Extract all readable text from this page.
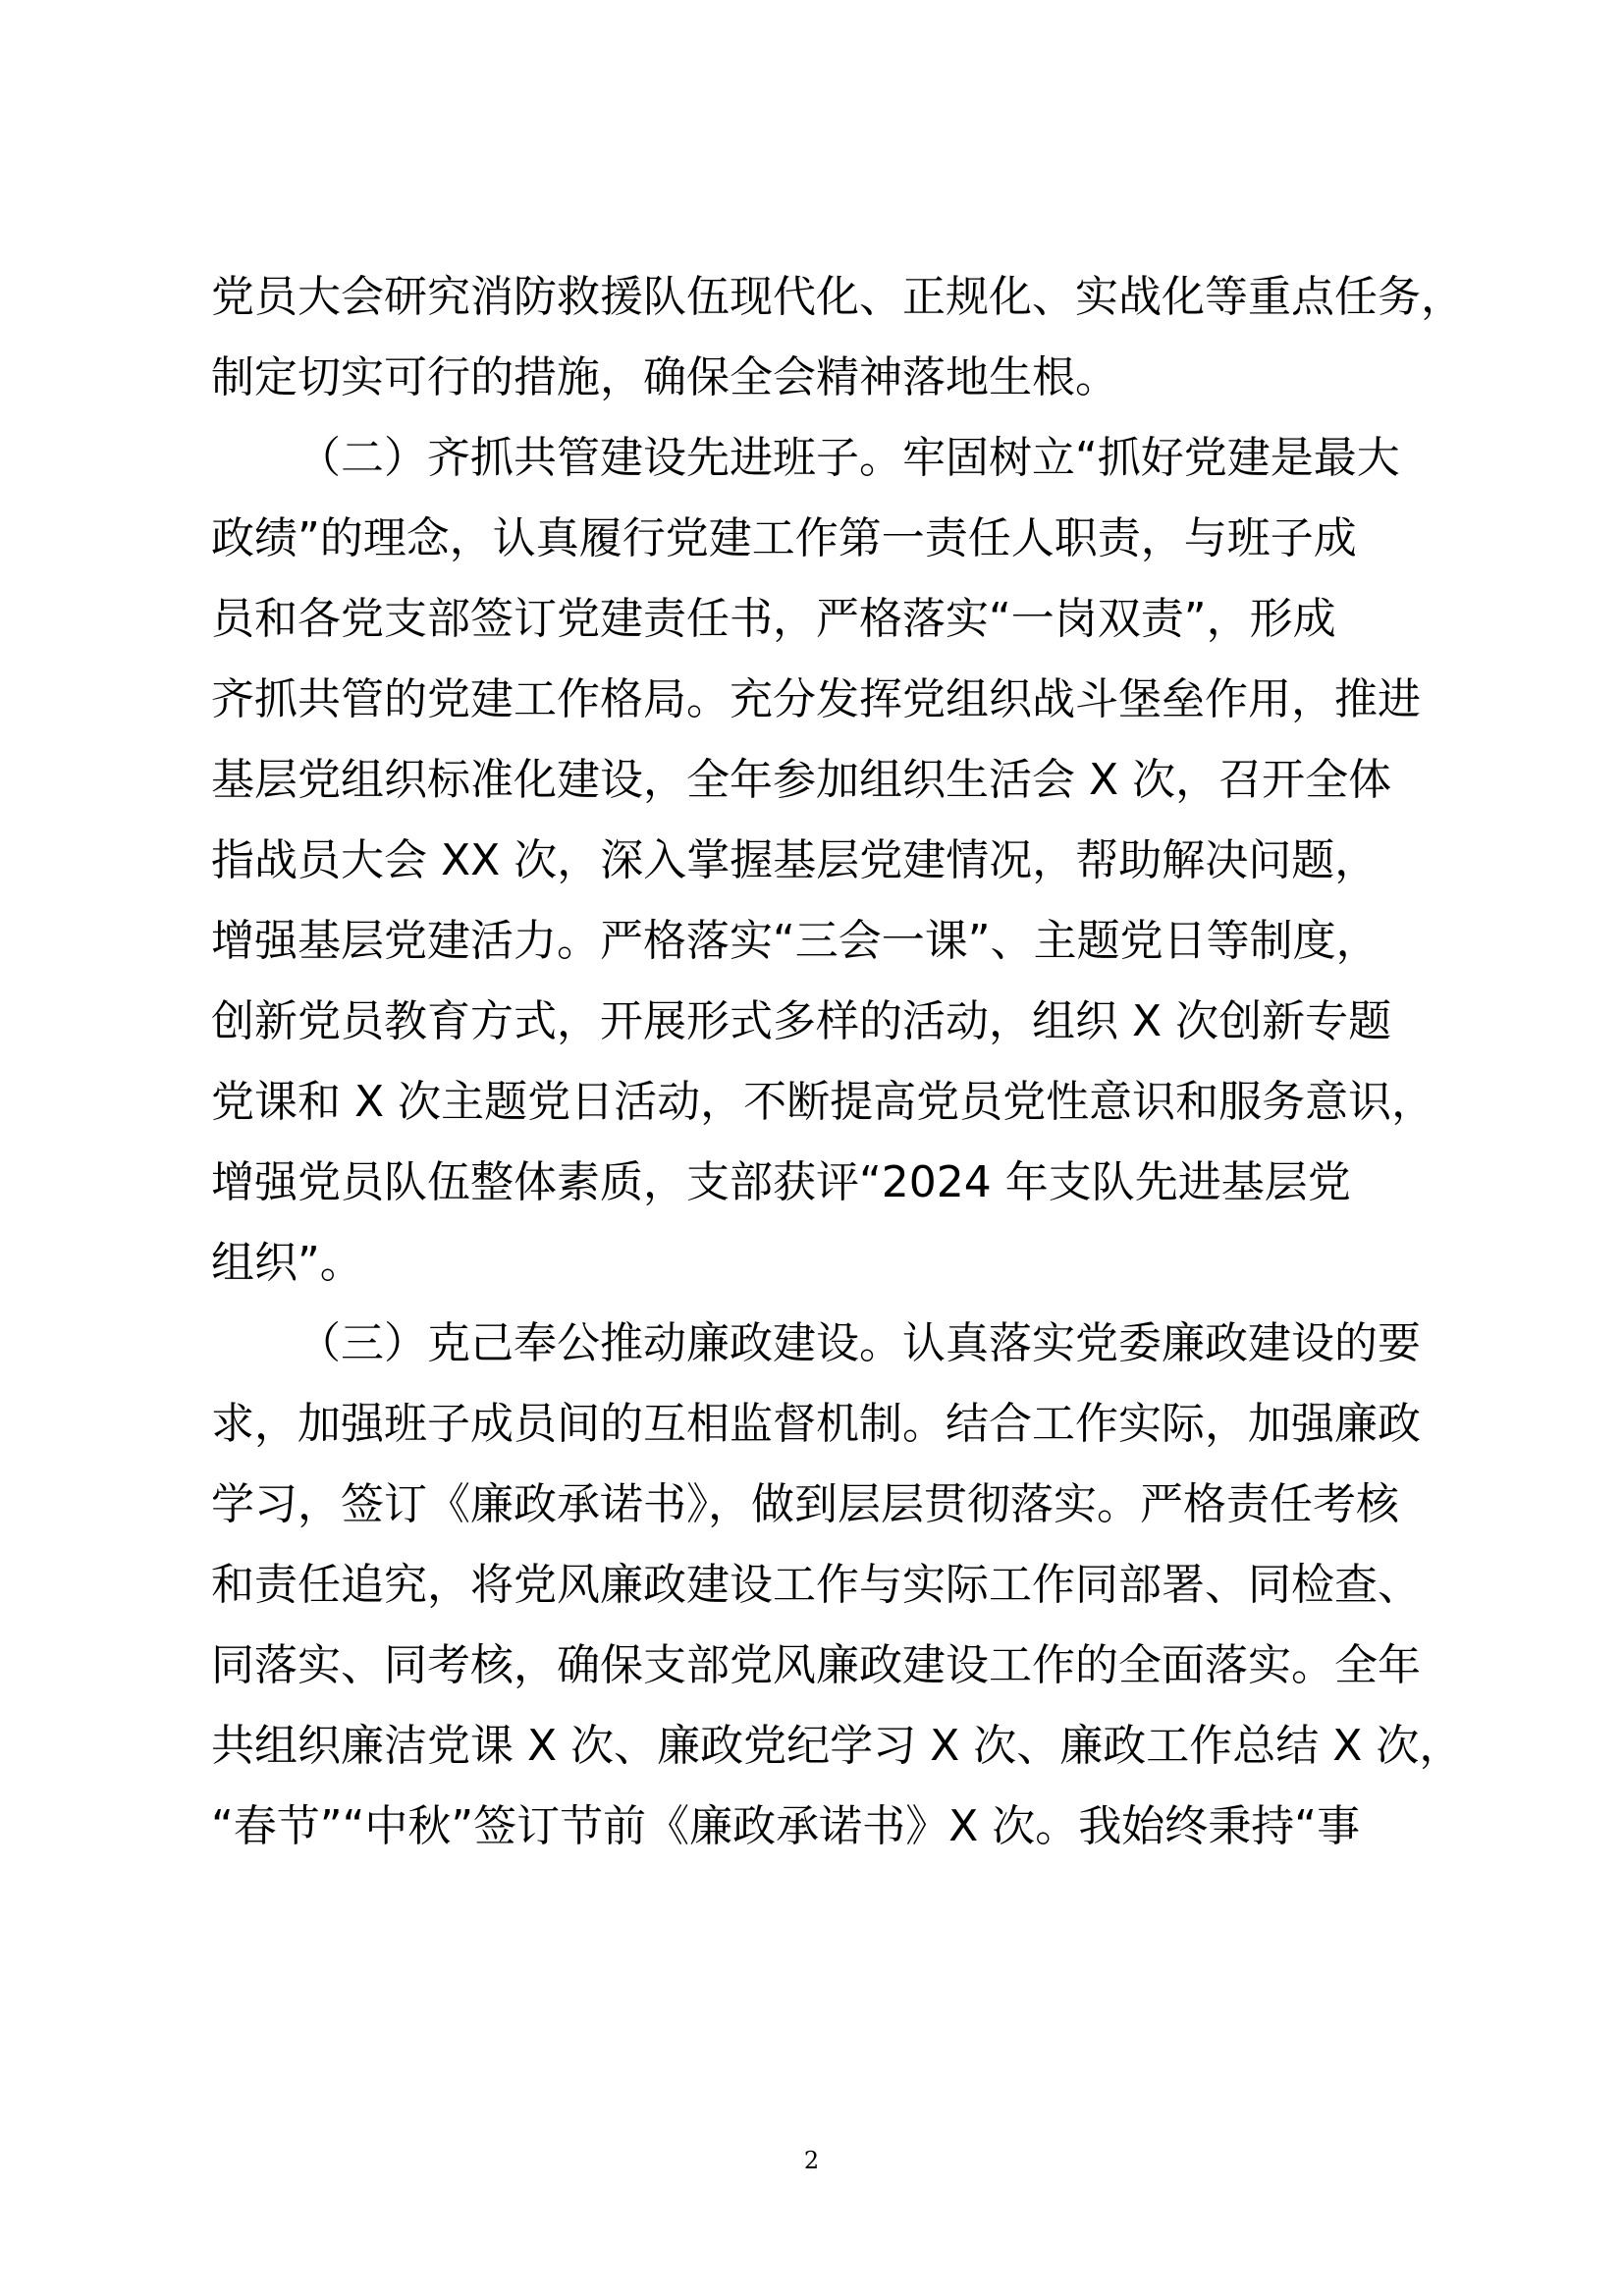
党员大会研究消防救援队伍现代化、正规化、实战化等重点任务，
制定切实可行的措施，确保全会精神落地生根。
（二）齐抓共管建设先进班子。牢固树立“抓好党建是最大
政绩”的理念，认真履行党建工作第一责任人职责，与班子成
员和各党支部签订党建责任书，严格落实“一岗双责”，形成
齐抓共管的党建工作格局。充分发挥党组织战斗堡垒作用，推进
基层党组织标准化建设，全年参加组织生活会 X 次，召开全体
指战员大会 XX 次，深入掌握基层党建情况，帮助解决问题，
增强基层党建活力。严格落实“三会一课”、主题党日等制度，
创新党员教育方式，开展形式多样的活动，组织 X 次创新专题
党课和 X 次主题党日活动，不断提高党员党性意识和服务意识，
增强党员队伍整体素质，支部获评“2024 年支队先进基层党
组织”。
（三）克己奉公推动廉政建设。认真落实党委廉政建设的要
求，加强班子成员间的互相监督机制。结合工作实际，加强廉政
学习，签订《廉政承诺书》，做到层层贯彻落实。严格责任考核
和责任追究，将党风廉政建设工作与实际工作同部署、同检查、
同落实、同考核，确保支部党风廉政建设工作的全面落实。全年
共组织廉洁党课 X 次、廉政党纪学习 X 次、廉政工作总结 X 次，
“春节”“中秋”签订节前《廉政承诺书》X 次。我始终秉持“事
2
